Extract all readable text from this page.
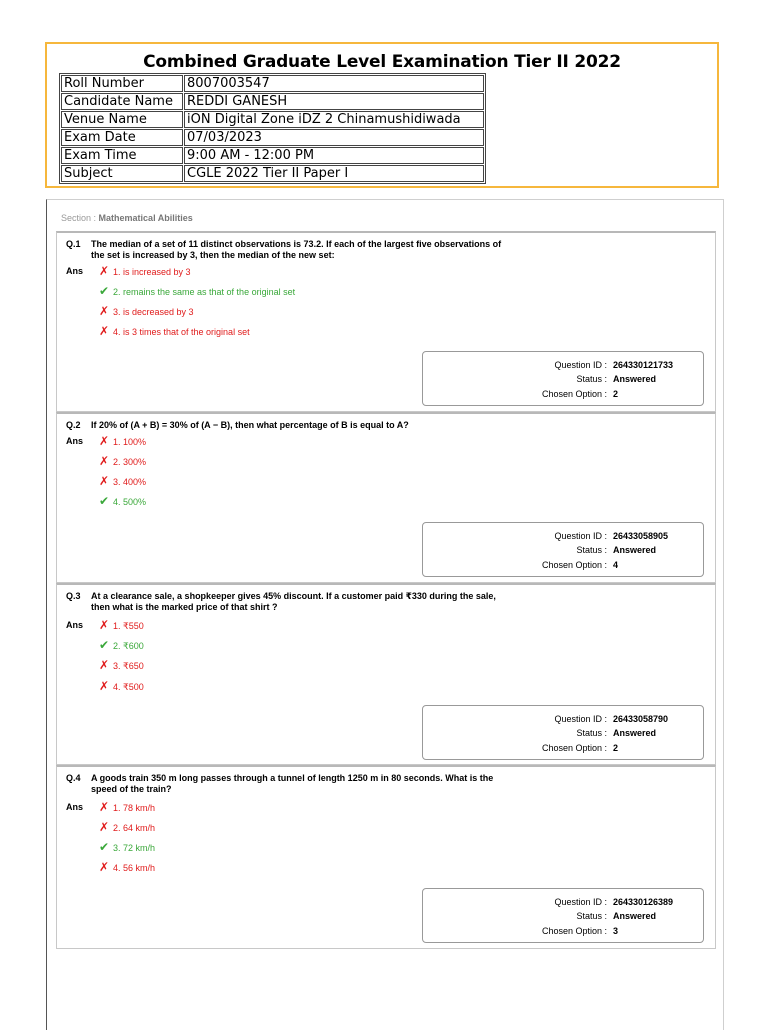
Combined Graduate Level Examination Tier II 2022
Roll Number	8007003547
Candidate Name	REDDI GANESH
Venue Name	iON Digital Zone iDZ 2 Chinamushidiwada
Exam Date	07/03/2023
Exam Time	9:00 AM - 12:00 PM
Subject	CGLE 2022 Tier II Paper I
Section : Mathematical Abilities
Q.1 The median of a set of 11 distinct observations is 73.2. If each of the largest five observations of the set is increased by 3, then the median of the new set:
Ans ✗ 1. is increased by 3
✔ 2. remains the same as that of the original set
✗ 3. is decreased by 3
✗ 4. is 3 times that of the original set
Question ID : 264330121733
Status : Answered
Chosen Option : 2
Q.2 If 20% of (A + B) = 30% of (A − B), then what percentage of B is equal to A?
Ans ✗ 1. 100%
✗ 2. 300%
✗ 3. 400%
✔ 4. 500%
Question ID : 26433058905
Status : Answered
Chosen Option : 4
Q.3 At a clearance sale, a shopkeeper gives 45% discount. If a customer paid ₹330 during the sale, then what is the marked price of that shirt ?
Ans ✗ 1. ₹550
✔ 2. ₹600
✗ 3. ₹650
✗ 4. ₹500
Question ID : 26433058790
Status : Answered
Chosen Option : 2
Q.4 A goods train 350 m long passes through a tunnel of length 1250 m in 80 seconds. What is the speed of the train?
Ans ✗ 1. 78 km/h
✗ 2. 64 km/h
✔ 3. 72 km/h
✗ 4. 56 km/h
Question ID : 264330126389
Status : Answered
Chosen Option : 3
